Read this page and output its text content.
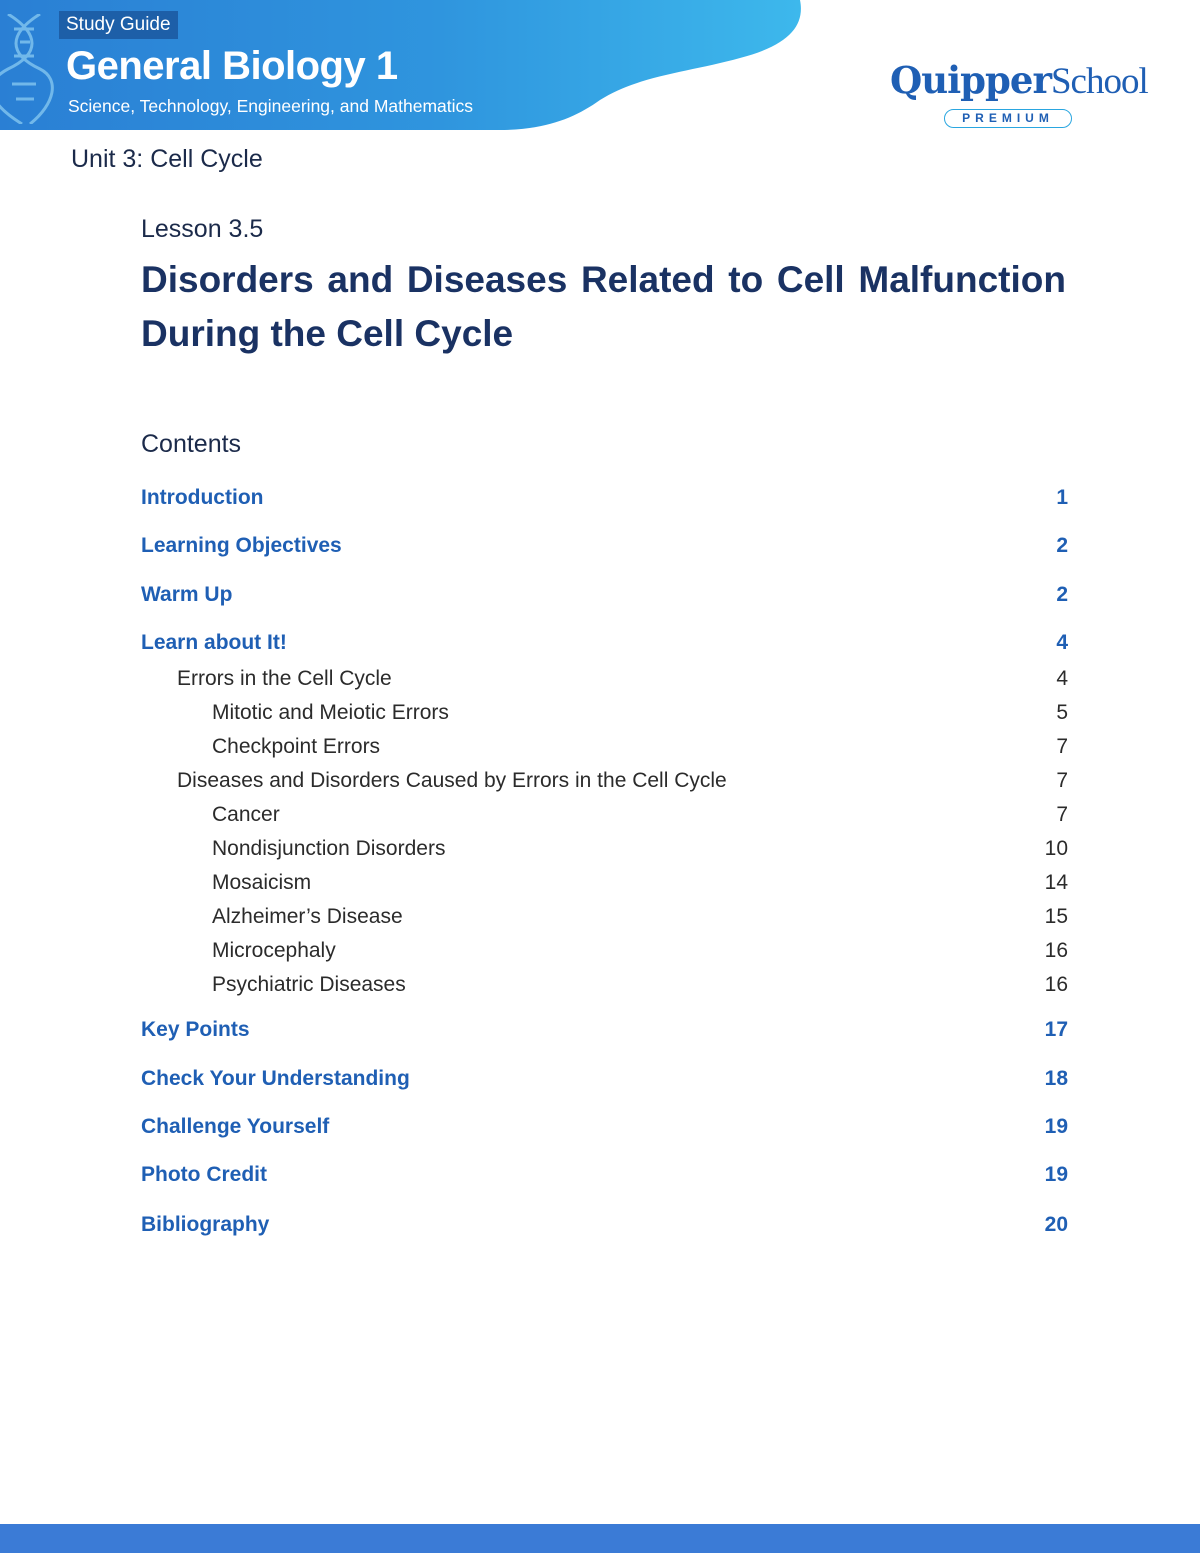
Study Guide
General Biology 1
Science, Technology, Engineering, and Mathematics
QuipperSchool
PREMIUM
Unit 3: Cell Cycle
Lesson 3.5
Disorders and Diseases Related to Cell Malfunction
During the Cell Cycle
Contents
Introduction	1
Learning Objectives	2
Warm Up	2
Learn about It!	4
Errors in the Cell Cycle	4
Mitotic and Meiotic Errors	5
Checkpoint Errors	7
Diseases and Disorders Caused by Errors in the Cell Cycle	7
Cancer	7
Nondisjunction Disorders	10
Mosaicism	14
Alzheimer’s Disease	15
Microcephaly	16
Psychiatric Diseases	16
Key Points	17
Check Your Understanding	18
Challenge Yourself	19
Photo Credit	19
Bibliography	20
